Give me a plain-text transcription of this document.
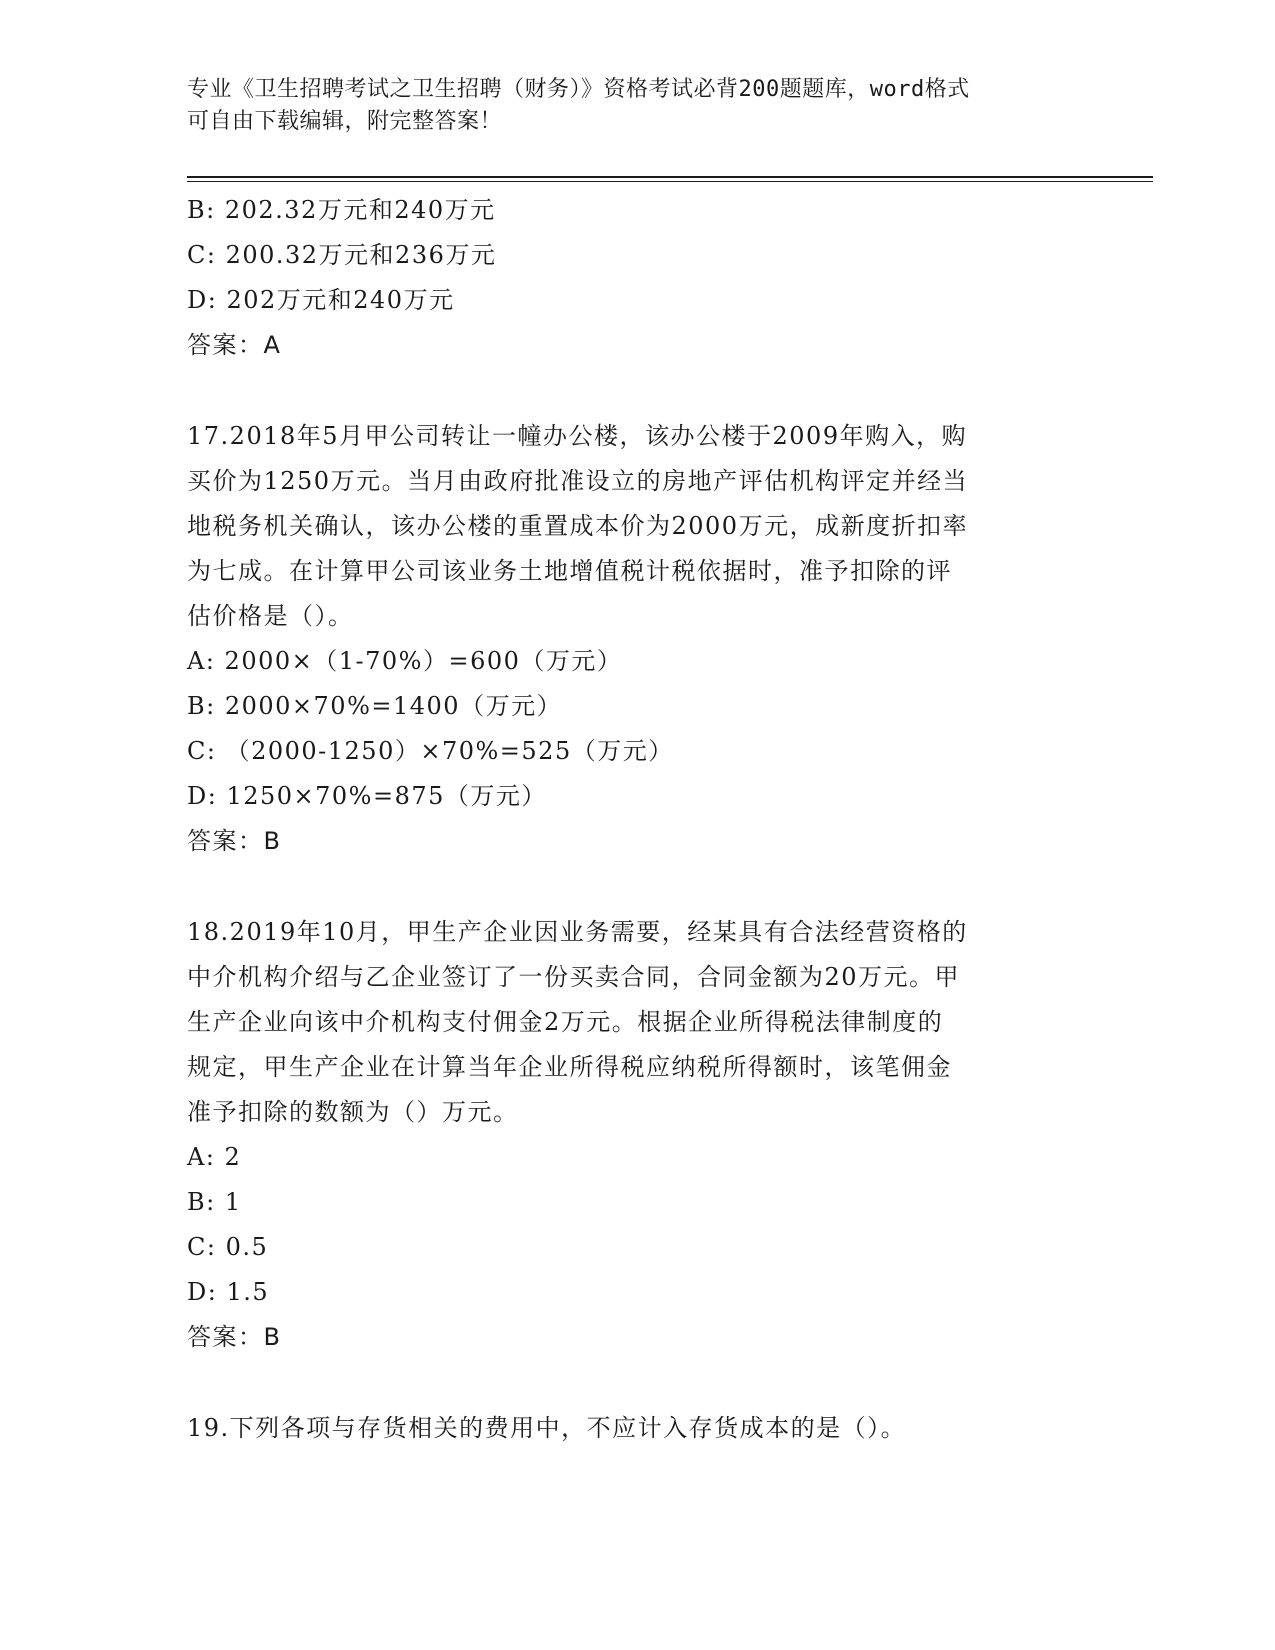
专业《卫生招聘考试之卫生招聘（财务）》资格考试必背200题题库，word格式
可自由下载编辑，附完整答案！
B: 202.32万元和240万元
C: 200.32万元和236万元
D: 202万元和240万元
答案：A
17.2018年5月甲公司转让一幢办公楼，该办公楼于2009年购入，购
买价为1250万元。当月由政府批准设立的房地产评估机构评定并经当
地税务机关确认，该办公楼的重置成本价为2000万元，成新度折扣率
为七成。在计算甲公司该业务土地增值税计税依据时，准予扣除的评
估价格是（）。
A: 2000×（1-70%）=600（万元）
B: 2000×70%=1400（万元）
C: （2000-1250）×70%=525（万元）
D: 1250×70%=875（万元）
答案：B
18.2019年10月，甲生产企业因业务需要，经某具有合法经营资格的
中介机构介绍与乙企业签订了一份买卖合同，合同金额为20万元。甲
生产企业向该中介机构支付佣金2万元。根据企业所得税法律制度的
规定，甲生产企业在计算当年企业所得税应纳税所得额时，该笔佣金
准予扣除的数额为（）万元。
A: 2
B: 1
C: 0.5
D: 1.5
答案：B
19.下列各项与存货相关的费用中，不应计入存货成本的是（）。
